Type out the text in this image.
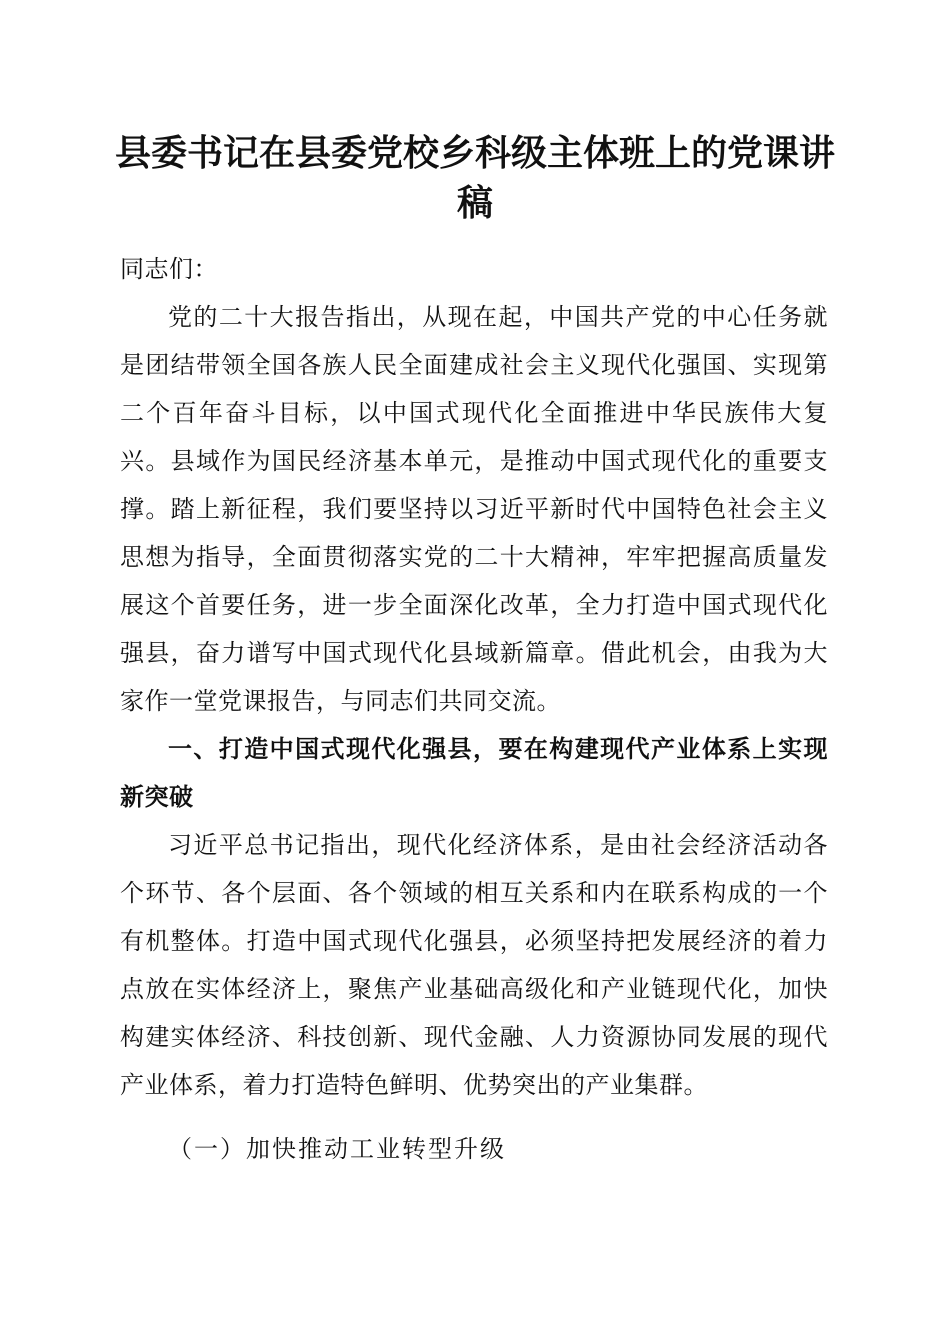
县委书记在县委党校乡科级主体班上的党课讲稿

同志们：

党的二十大报告指出，从现在起，中国共产党的中心任务就是团结带领全国各族人民全面建成社会主义现代化强国、实现第二个百年奋斗目标，以中国式现代化全面推进中华民族伟大复兴。县域作为国民经济基本单元，是推动中国式现代化的重要支撑。踏上新征程，我们要坚持以习近平新时代中国特色社会主义思想为指导，全面贯彻落实党的二十大精神，牢牢把握高质量发展这个首要任务，进一步全面深化改革，全力打造中国式现代化强县，奋力谱写中国式现代化县域新篇章。借此机会，由我为大家作一堂党课报告，与同志们共同交流。

一、打造中国式现代化强县，要在构建现代产业体系上实现新突破

习近平总书记指出，现代化经济体系，是由社会经济活动各个环节、各个层面、各个领域的相互关系和内在联系构成的一个有机整体。打造中国式现代化强县，必须坚持把发展经济的着力点放在实体经济上，聚焦产业基础高级化和产业链现代化，加快构建实体经济、科技创新、现代金融、人力资源协同发展的现代产业体系，着力打造特色鲜明、优势突出的产业集群。

（一）加快推动工业转型升级
